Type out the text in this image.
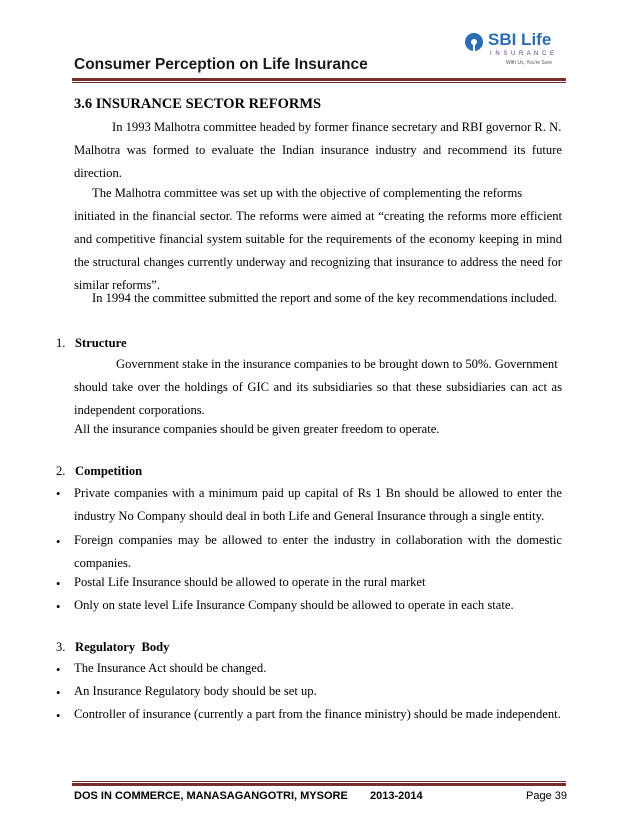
Consumer Perception on Life Insurance
SBI Life
I N S U R A N C E
With Us, You're Sure
3.6 INSURANCE SECTOR REFORMS
In 1993 Malhotra committee headed by former finance secretary and RBI governor R. N.
Malhotra was formed to evaluate the Indian insurance industry and recommend its future direction.
The Malhotra committee was set up with the objective of complementing the reforms
initiated in the financial sector. The reforms were aimed at “creating the reforms more efficient and competitive financial system suitable for the requirements of the economy keeping in mind the structural changes currently underway and recognizing that insurance to address the need for similar reforms”.
In 1994 the committee submitted the report and some of the key recommendations included.
1. Structure
Government stake in the insurance companies to be brought down to 50%. Government
should take over the holdings of GIC and its subsidiaries so that these subsidiaries can act as independent corporations.
All the insurance companies should be given greater freedom to operate.
2. Competition
• Private companies with a minimum paid up capital of Rs 1 Bn should be allowed to enter the industry No Company should deal in both Life and General Insurance through a single entity.
• Foreign companies may be allowed to enter the industry in collaboration with the domestic companies.
• Postal Life Insurance should be allowed to operate in the rural market
• Only on state level Life Insurance Company should be allowed to operate in each state.
3. Regulatory  Body
• The Insurance Act should be changed.
• An Insurance Regulatory body should be set up.
• Controller of insurance (currently a part from the finance ministry) should be made independent.
DOS IN COMMERCE, MANASAGANGOTRI, MYSORE 2013-2014	Page 39
